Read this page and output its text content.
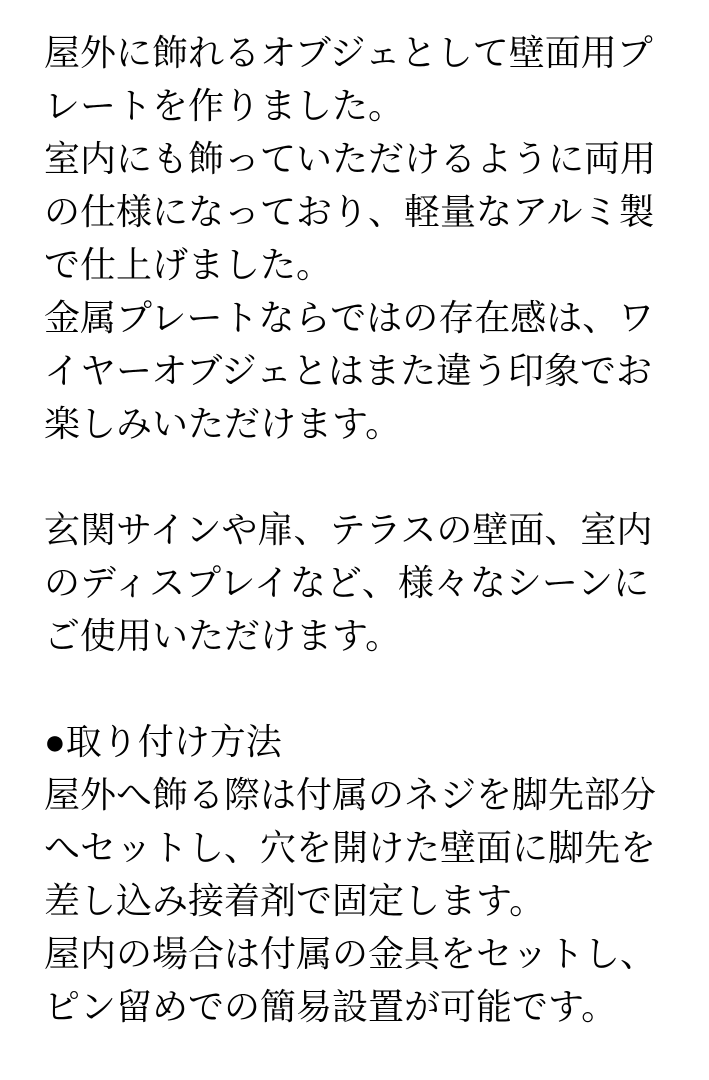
屋外に飾れるオブジェとして壁面用プ
レートを作りました。
室内にも飾っていただけるように両用
の仕様になっており、軽量なアルミ製
で仕上げました。
金属プレートならではの存在感は、ワ
イヤーオブジェとはまた違う印象でお
楽しみいただけます。
玄関サインや扉、テラスの壁面、室内
のディスプレイなど、様々なシーンに
ご使用いただけます。
●取り付け方法
屋外へ飾る際は付属のネジを脚先部分
へセットし、穴を開けた壁面に脚先を
差し込み接着剤で固定します。
屋内の場合は付属の金具をセットし、
ピン留めでの簡易設置が可能です。
